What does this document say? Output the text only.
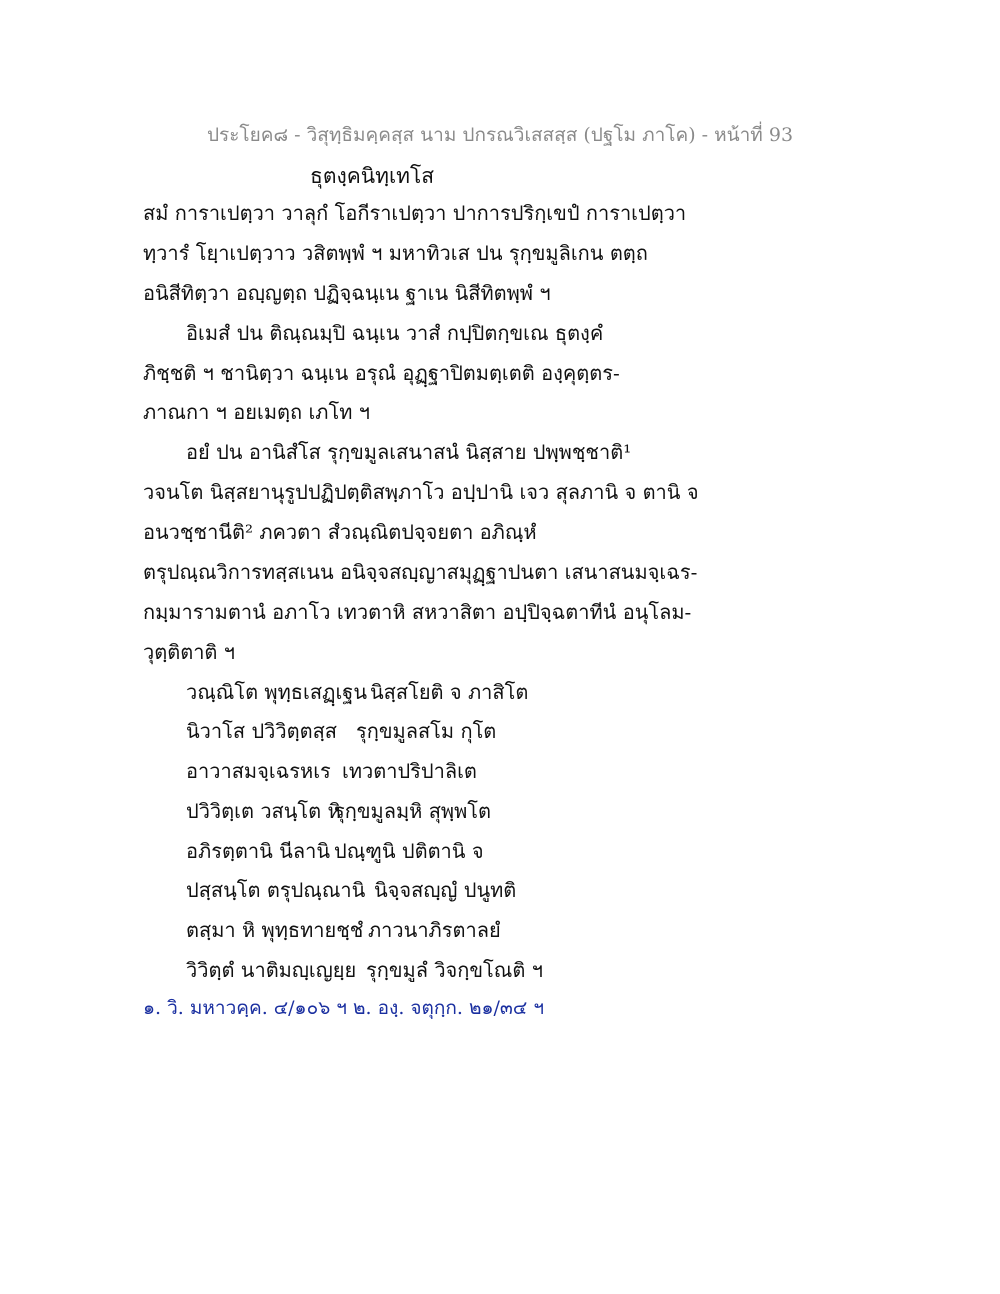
ประโยค๘ - วิสุทฺธิมคฺคสฺส นาม ปกรณวิเสสสฺส (ปฐโม ภาโค) - หน้าที่ 93
ธุตงฺคนิทฺเทโส
สมํ การาเปตฺวา วาลุกํ โอกีราเปตฺวา ปาการปริกฺเขปํ การาเปตฺวา
ทฺวารํ โยฺาเปตฺวาว วสิตพฺพํ ฯ มหาทิวเส ปน รุกฺขมูลิเกน ตตฺถ
อนิสีทิตฺวา อญฺญตฺถ ปฏิจฺฉนฺเน ฐาเน นิสีทิตพฺพํ ฯ
อิเมสํ ปน ติณฺณมฺปิ ฉนฺเน วาสํ กปฺปิตกฺขเณ ธุตงฺคํ
ภิชฺชติ ฯ ชานิตฺวา ฉนฺเน อรุณํ อุฏฺฐาปิตมตฺเตติ องฺคุตฺตร-
ภาณกา ฯ อยเมตฺถ เภโท ฯ
อยํ ปน อานิสํโส รุกฺขมูลเสนาสนํ นิสฺสาย ปพฺพชฺชาติ¹
วจนโต นิสฺสยานุรูปปฏิปตฺติสพฺภาโว อปฺปานิ เจว สุลภานิ จ ตานิ จ
อนวชฺชานีติ² ภควตา สํวณฺณิตปจฺจยตา อภิณฺหํ
ตรุปณฺณวิการทสฺสเนน อนิจฺจสญฺญาสมุฏฺฐาปนตา เสนาสนมจฺเฉร-
กมฺมารามตานํ อภาโว เทวตาหิ สหวาสิตา อปฺปิจฺฉตาทีนํ อนุโลม-
วุตฺติตาติ ฯ
วณฺณิโต พุทฺธเสฏฺเฐน นิสฺสโยติ จ ภาสิโต
นิวาโส ปวิวิตฺตสฺส รุกฺขมูลสโม กุโต
อาวาสมจฺเฉรหเร เทวตาปริปาลิเต
ปวิวิตฺเต วสนฺโต หิ
รุกฺขมูลมฺหิ สุพฺพโต
อภิรตฺตานิ นีลานิ ปณฺฑูนิ ปติตานิ จ
ปสฺสนฺโต ตรุปณฺณานิ นิจฺจสญฺญํ ปนูทติ
ตสฺมา หิ พุทฺธทายชฺชํ ภาวนาภิรตาลยํ
วิวิตฺตํ นาติมญฺเญยฺย รุกฺขมูลํ วิจกฺขโณติ ฯ
๑. วิ. มหาวคฺค. ๔/๑๐๖ ฯ ๒. องฺ. จตุกฺก. ๒๑/๓๔ ฯ
